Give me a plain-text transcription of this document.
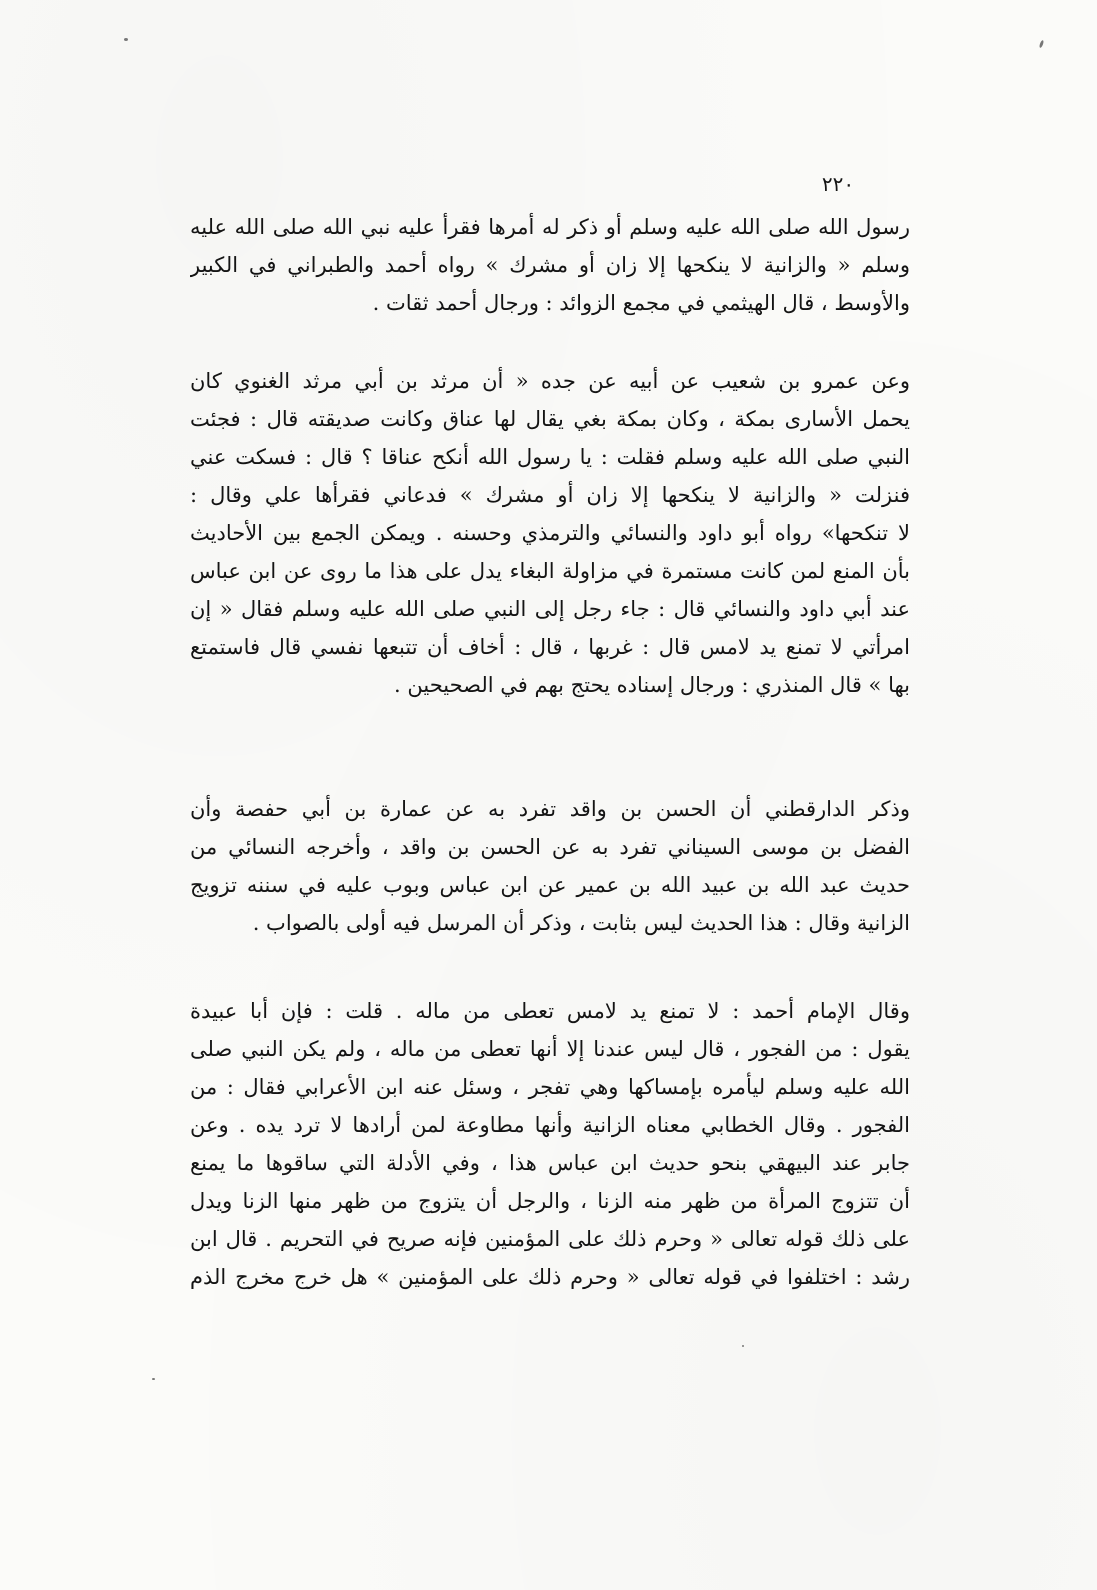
٢٢٠
رسول الله صلى الله عليه وسلم أو ذكر له أمرها فقرأ عليه نبي الله صلى الله عليه
وسلم « والزانية لا ينكحها إلا زان أو مشرك » رواه أحمد والطبراني في الكبير
والأوسط ، قال الهيثمي في مجمع الزوائد : ورجال أحمد ثقات .
وعن عمرو بن شعيب عن أبيه عن جده « أن مرثد بن أبي مرثد الغنوي كان
يحمل الأسارى بمكة ، وكان بمكة بغي يقال لها عناق وكانت صديقته قال : فجئت
النبي صلى الله عليه وسلم فقلت : يا رسول الله أنكح عناقا ؟ قال : فسكت عني
فنزلت « والزانية لا ينكحها إلا زان أو مشرك » فدعاني فقرأها علي وقال :
لا تنكحها» رواه أبو داود والنسائي والترمذي وحسنه . ويمكن الجمع بين الأحاديث
بأن المنع لمن كانت مستمرة في مزاولة البغاء يدل على هذا ما روى عن ابن عباس
عند أبي داود والنسائي قال : جاء رجل إلى النبي صلى الله عليه وسلم فقال « إن
امرأتي لا تمنع يد لامس قال : غربها ، قال : أخاف أن تتبعها نفسي قال فاستمتع
بها » قال المنذري : ورجال إسناده يحتج بهم في الصحيحين .
وذكر الدارقطني أن الحسن بن واقد تفرد به عن عمارة بن أبي حفصة وأن
الفضل بن موسى السيناني تفرد به عن الحسن بن واقد ، وأخرجه النسائي من
حديث عبد الله بن عبيد الله بن عمير عن ابن عباس وبوب عليه في سننه تزويج
الزانية وقال : هذا الحديث ليس بثابت ، وذكر أن المرسل فيه أولى بالصواب .
وقال الإمام أحمد : لا تمنع يد لامس تعطى من ماله . قلت : فإن أبا عبيدة
يقول : من الفجور ، قال ليس عندنا إلا أنها تعطى من ماله ، ولم يكن النبي صلى
الله عليه وسلم ليأمره بإمساكها وهي تفجر ، وسئل عنه ابن الأعرابي فقال : من
الفجور . وقال الخطابي معناه الزانية وأنها مطاوعة لمن أرادها لا ترد يده . وعن
جابر عند البيهقي بنحو حديث ابن عباس هذا ، وفي الأدلة التي ساقوها ما يمنع
أن تتزوج المرأة من ظهر منه الزنا ، والرجل أن يتزوج من ظهر منها الزنا ويدل
على ذلك قوله تعالى « وحرم ذلك على المؤمنين فإنه صريح في التحريم . قال ابن
رشد : اختلفوا في قوله تعالى « وحرم ذلك على المؤمنين » هل خرج مخرج الذم
